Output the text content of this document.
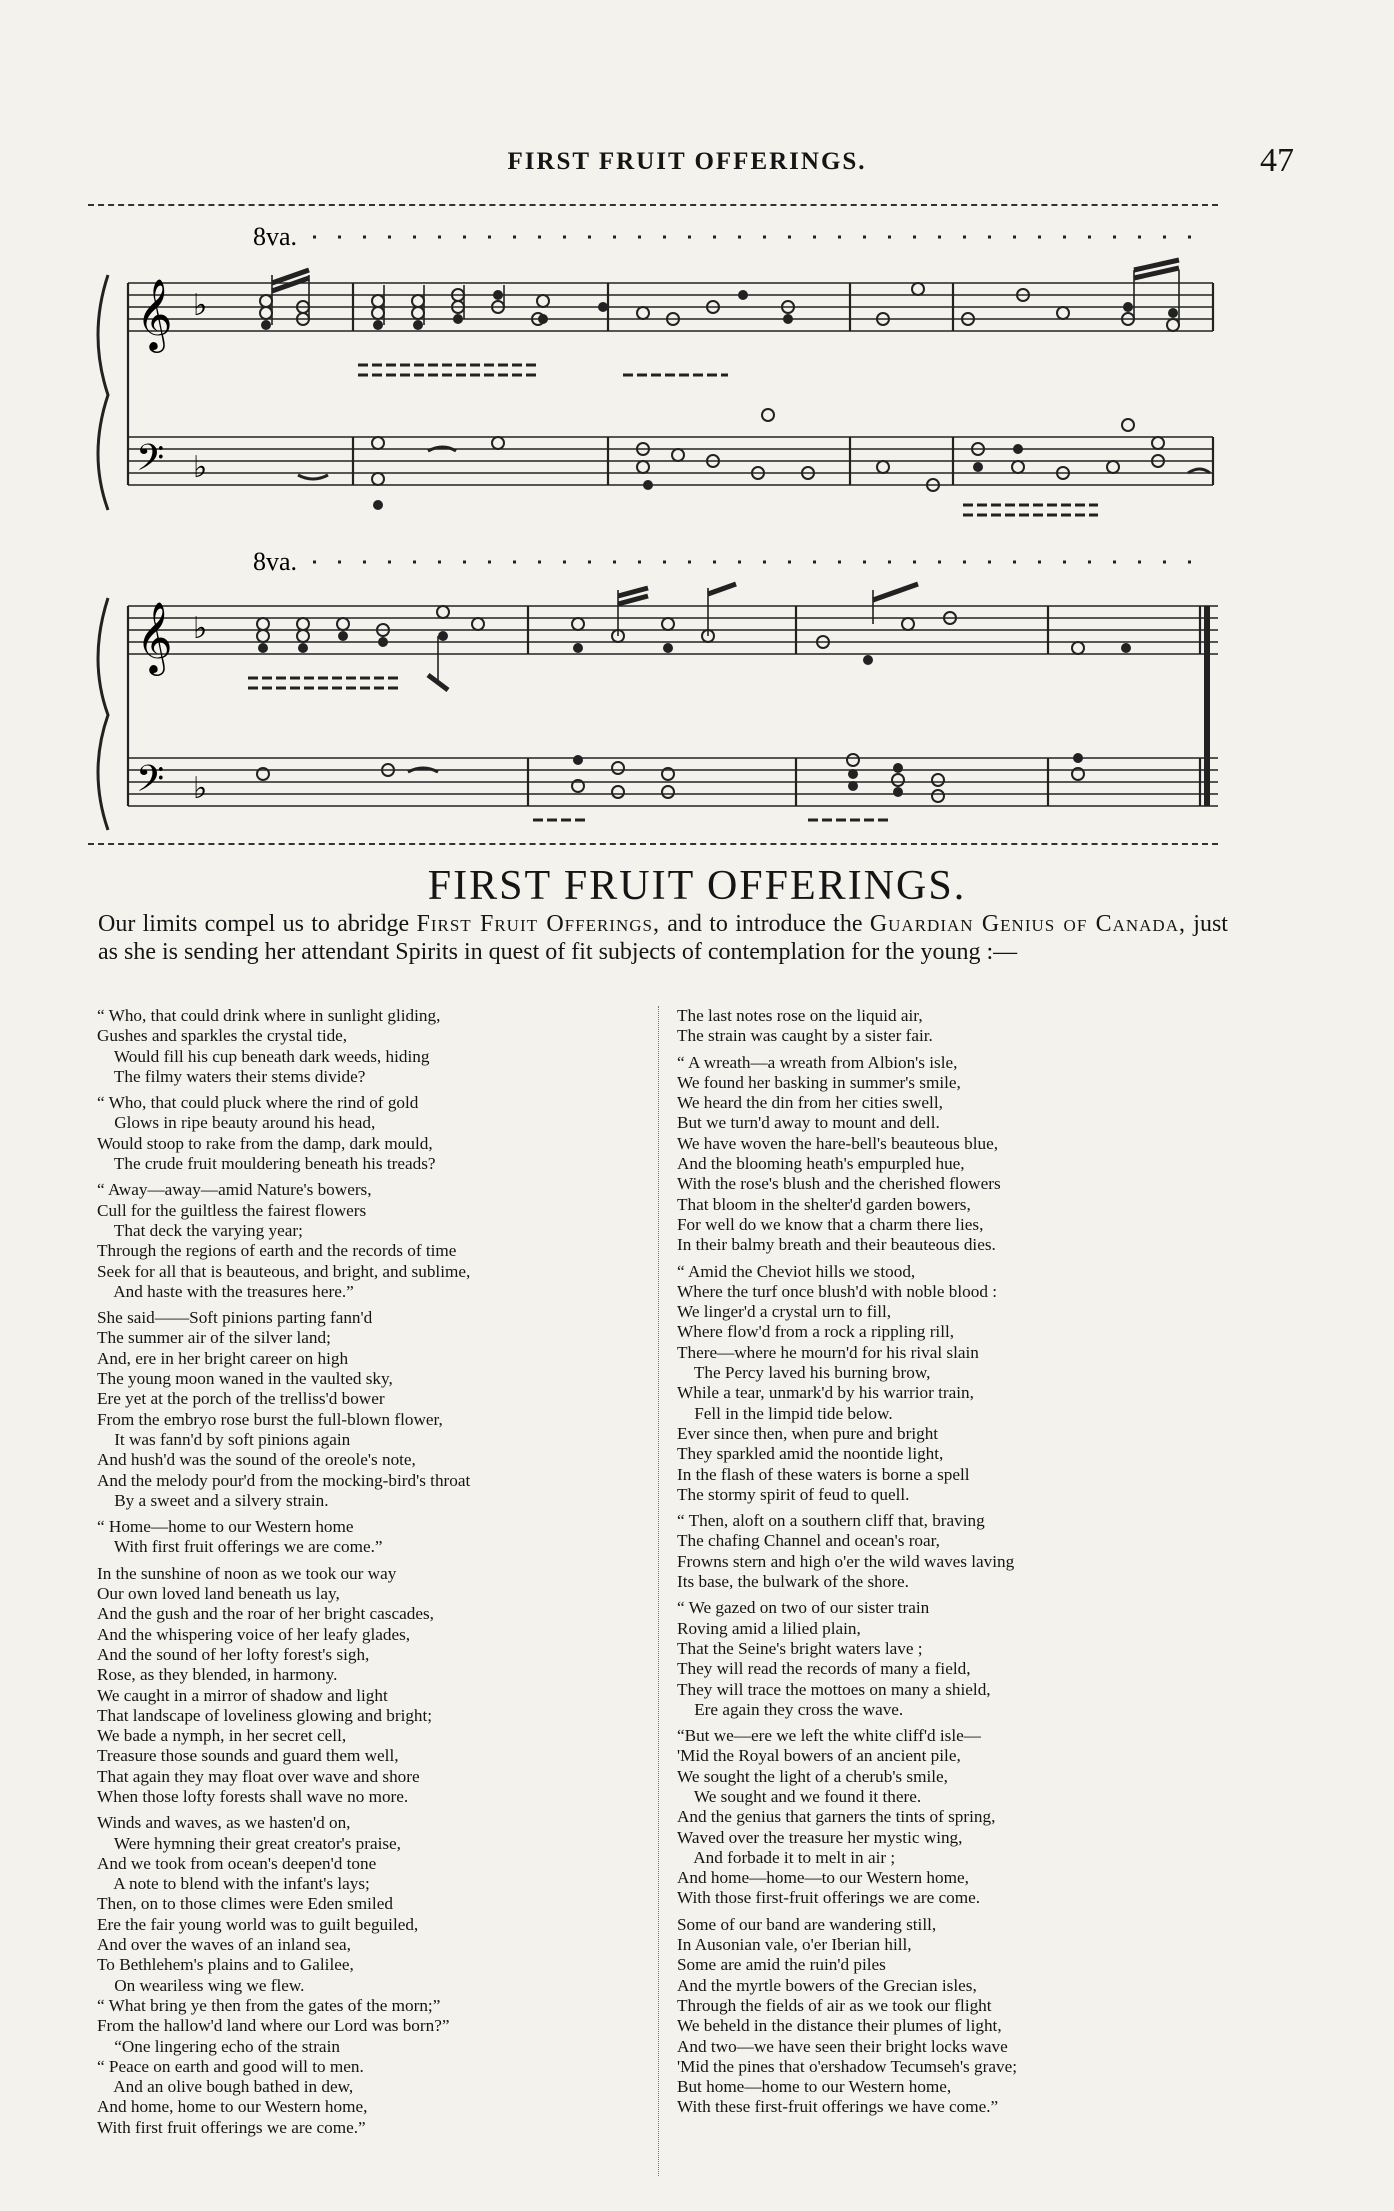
FIRST FRUIT OFFERINGS.	47
8va.
𝄞
𝄢
♭
♭
8va.
𝄞
𝄢
♭
♭
FIRST FRUIT OFFERINGS.
Our limits compel us to abridge First Fruit Offerings, and to introduce the Guardian Genius of Canada, just as she is sending her attendant Spirits in quest of fit subjects of contemplation for the young :—
“ Who, that could drink where in sunlight gliding,
Gushes and sparkles the crystal tide,
Would fill his cup beneath dark weeds, hiding
The filmy waters their stems divide?
“ Who, that could pluck where the rind of gold
Glows in ripe beauty around his head,
Would stoop to rake from the damp, dark mould,
The crude fruit mouldering beneath his treads?
“ Away—away—amid Nature's bowers,
Cull for the guiltless the fairest flowers
That deck the varying year;
Through the regions of earth and the records of time
Seek for all that is beauteous, and bright, and sublime,
And haste with the treasures here.”
She said——Soft pinions parting fann'd
The summer air of the silver land;
And, ere in her bright career on high
The young moon waned in the vaulted sky,
Ere yet at the porch of the trelliss'd bower
From the embryo rose burst the full-blown flower,
It was fann'd by soft pinions again
And hush'd was the sound of the oreole's note,
And the melody pour'd from the mocking-bird's throat
By a sweet and a silvery strain.
“ Home—home to our Western home
With first fruit offerings we are come.”
In the sunshine of noon as we took our way
Our own loved land beneath us lay,
And the gush and the roar of her bright cascades,
And the whispering voice of her leafy glades,
And the sound of her lofty forest's sigh,
Rose, as they blended, in harmony.
We caught in a mirror of shadow and light
That landscape of loveliness glowing and bright;
We bade a nymph, in her secret cell,
Treasure those sounds and guard them well,
That again they may float over wave and shore
When those lofty forests shall wave no more.
Winds and waves, as we hasten'd on,
Were hymning their great creator's praise,
And we took from ocean's deepen'd tone
A note to blend with the infant's lays;
Then, on to those climes were Eden smiled
Ere the fair young world was to guilt beguiled,
And over the waves of an inland sea,
To Bethlehem's plains and to Galilee,
On weariless wing we flew.
“ What bring ye then from the gates of the morn;”
From the hallow'd land where our Lord was born?”
“One lingering echo of the strain
“ Peace on earth and good will to men.
And an olive bough bathed in dew,
And home, home to our Western home,
With first fruit offerings we are come.”
The last notes rose on the liquid air,
The strain was caught by a sister fair.
“ A wreath—a wreath from Albion's isle,
We found her basking in summer's smile,
We heard the din from her cities swell,
But we turn'd away to mount and dell.
We have woven the hare-bell's beauteous blue,
And the blooming heath's empurpled hue,
With the rose's blush and the cherished flowers
That bloom in the shelter'd garden bowers,
For well do we know that a charm there lies,
In their balmy breath and their beauteous dies.
“ Amid the Cheviot hills we stood,
Where the turf once blush'd with noble blood :
We linger'd a crystal urn to fill,
Where flow'd from a rock a rippling rill,
There—where he mourn'd for his rival slain
The Percy laved his burning brow,
While a tear, unmark'd by his warrior train,
Fell in the limpid tide below.
Ever since then, when pure and bright
They sparkled amid the noontide light,
In the flash of these waters is borne a spell
The stormy spirit of feud to quell.
“ Then, aloft on a southern cliff that, braving
The chafing Channel and ocean's roar,
Frowns stern and high o'er the wild waves laving
Its base, the bulwark of the shore.
“ We gazed on two of our sister train
Roving amid a lilied plain,
That the Seine's bright waters lave ;
They will read the records of many a field,
They will trace the mottoes on many a shield,
Ere again they cross the wave.
“But we—ere we left the white cliff'd isle—
'Mid the Royal bowers of an ancient pile,
We sought the light of a cherub's smile,
We sought and we found it there.
And the genius that garners the tints of spring,
Waved over the treasure her mystic wing,
And forbade it to melt in air ;
And home—home—to our Western home,
With those first-fruit offerings we are come.
Some of our band are wandering still,
In Ausonian vale, o'er Iberian hill,
Some are amid the ruin'd piles
And the myrtle bowers of the Grecian isles,
Through the fields of air as we took our flight
We beheld in the distance their plumes of light,
And two—we have seen their bright locks wave
'Mid the pines that o'ershadow Tecumseh's grave;
But home—home to our Western home,
With these first-fruit offerings we have come.”
